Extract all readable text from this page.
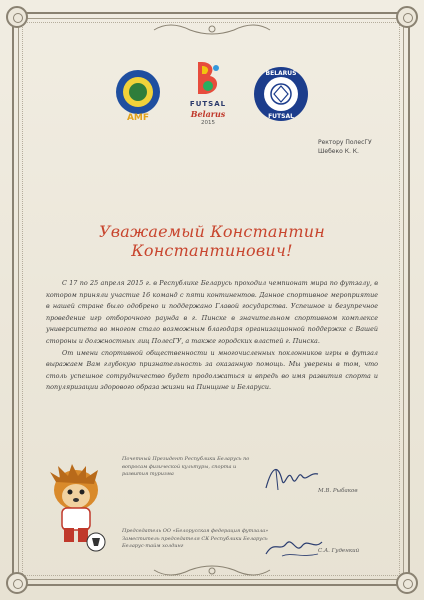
AMF
FUTSAL
Belarus
2015
BELARUS
FUTSAL
Ректору ПолесГУ
Шебеко К. К.
Уважаемый Константин Константинович!

С 17 по 25 апреля 2015 г. в Республике Беларусь проходил чемпионат мира по футзалу, в котором приняли участие 16 команд с пяти континентов. Данное спортивное мероприятие в нашей стране было одобрено и поддержано Главой государства. Успешное и безупречное проведение игр отборочного раунда в г. Пинске в значительном спортивном комплексе университета во многом стало возможным благодаря организационной поддержке с Вашей стороны и должностных лиц ПолесГУ, а также городских властей г. Пинска.

От имени спортивной общественности и многочисленных поклонников игры в футзал выражаем Вам глубокую признательность за оказанную помощь. Мы уверены в том, что столь успешное сотрудничество будет продолжаться и впредь во имя развития спорта и популяризации здорового образа жизни на Пинщине и Беларуси.

Почетный Президент Республики Беларусь по вопросам физической культуры, спорта и развития туризма
М.В. Рыбаков
Председатель ОО «Белорусская федерация футзала» Заместитель председателя СК Республики Беларусь Беларус-тайм холдинг
С.А. Гуденкий
